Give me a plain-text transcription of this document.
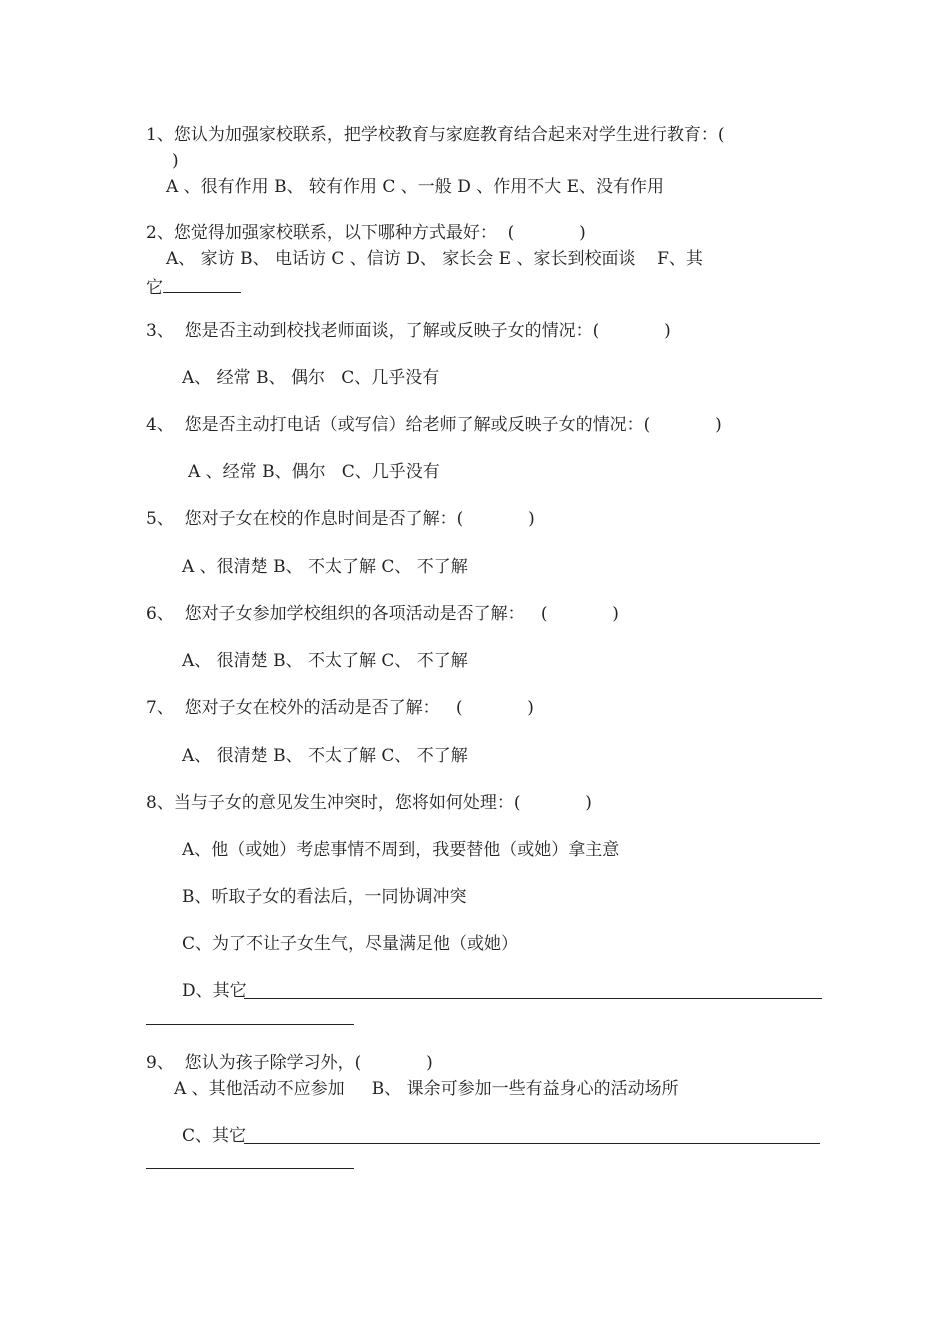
1、您认为加强家校联系，把学校教育与家庭教育结合起来对学生进行教育：(
)
A 、很有作用 B、 较有作用 C 、一般 D 、作用不大 E、没有作用
2、您觉得加强家校联系，以下哪种方式最好：  (            )
A、 家访 B、 电话访 C 、信访 D、 家长会 E 、家长到校面谈    F、其
它
3、  您是否主动到校找老师面谈，了解或反映子女的情况：(            )
A、 经常 B、 偶尔   C、几乎没有
4、  您是否主动打电话（或写信）给老师了解或反映子女的情况：(            )
A 、经常 B、偶尔   C、几乎没有
5、  您对子女在校的作息时间是否了解：(            )
A 、很清楚 B、 不太了解 C、 不了解
6、  您对子女参加学校组织的各项活动是否了解：   (            )
A、 很清楚 B、 不太了解 C、 不了解
7、  您对子女在校外的活动是否了解：   (            )
A、 很清楚 B、 不太了解 C、 不了解
8、当与子女的意见发生冲突时，您将如何处理：(            )
A、他（或她）考虑事情不周到，我要替他（或她）拿主意
B、听取子女的看法后，一同协调冲突
C、为了不让子女生气，尽量满足他（或她）
D、其它
9、  您认为孩子除学习外，(            )
A 、其他活动不应参加     B、 课余可参加一些有益身心的活动场所
C、其它
